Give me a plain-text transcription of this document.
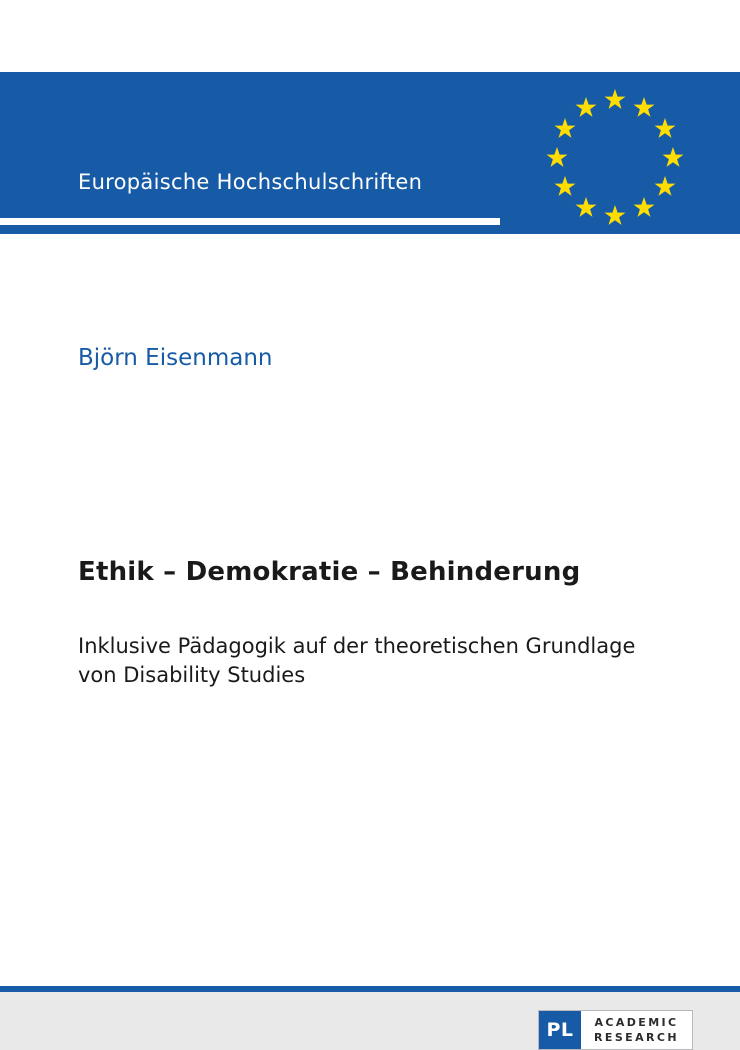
Europäische Hochschulschriften
Pädagogik
Björn Eisenmann
Ethik – Demokratie – Behinderung
Inklusive Pädagogik auf der theoretischen Grundlage von Disability Studies
PL	ACADEMIC
RESEARCH
